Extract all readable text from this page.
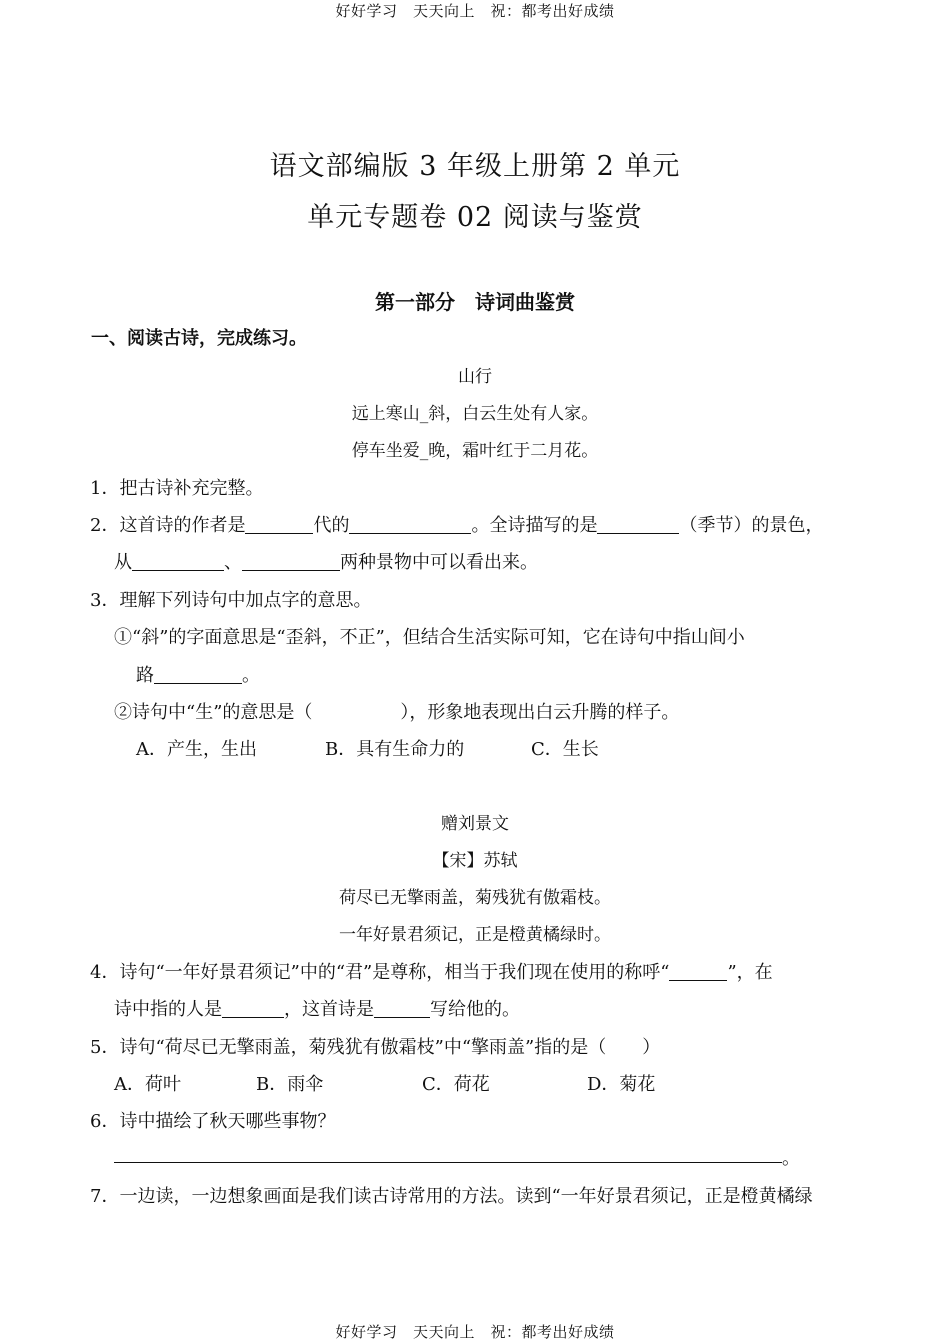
好好学习　天天向上　祝：都考出好成绩
语文部编版 3 年级上册第 2 单元
单元专题卷 02 阅读与鉴赏
第一部分　诗词曲鉴赏
一、阅读古诗，完成练习。
山行
远上寒山_斜，白云生处有人家。
停车坐爱_晚，霜叶红于二月花。
1．把古诗补充完整。
2．这首诗的作者是	代的	。全诗描写的是	（季节）的景色，
从	、	两种景物中可以看出来。
3．理解下列诗句中加点字的意思。
①“斜”的字面意思是“歪斜，不正”，但结合生活实际可知，它在诗句中指山间小
路	。
②诗句中“生”的意思是（	），形象地表现出白云升腾的样子。
A．产生，生出	B．具有生命力的	C．生长
赠刘景文
【宋】苏轼
荷尽已无擎雨盖，菊残犹有傲霜枝。
一年好景君须记，正是橙黄橘绿时。
4．诗句“一年好景君须记”中的“君”是尊称，相当于我们现在使用的称呼“	”，在
诗中指的人是	，这首诗是	写给他的。
5．诗句“荷尽已无擎雨盖，菊残犹有傲霜枝”中“擎雨盖”指的是（　　）
A．荷叶	B．雨伞	C．荷花	D．菊花
6．诗中描绘了秋天哪些事物？
。
7．一边读，一边想象画面是我们读古诗常用的方法。读到“一年好景君须记，正是橙黄橘绿
好好学习　天天向上　祝：都考出好成绩
